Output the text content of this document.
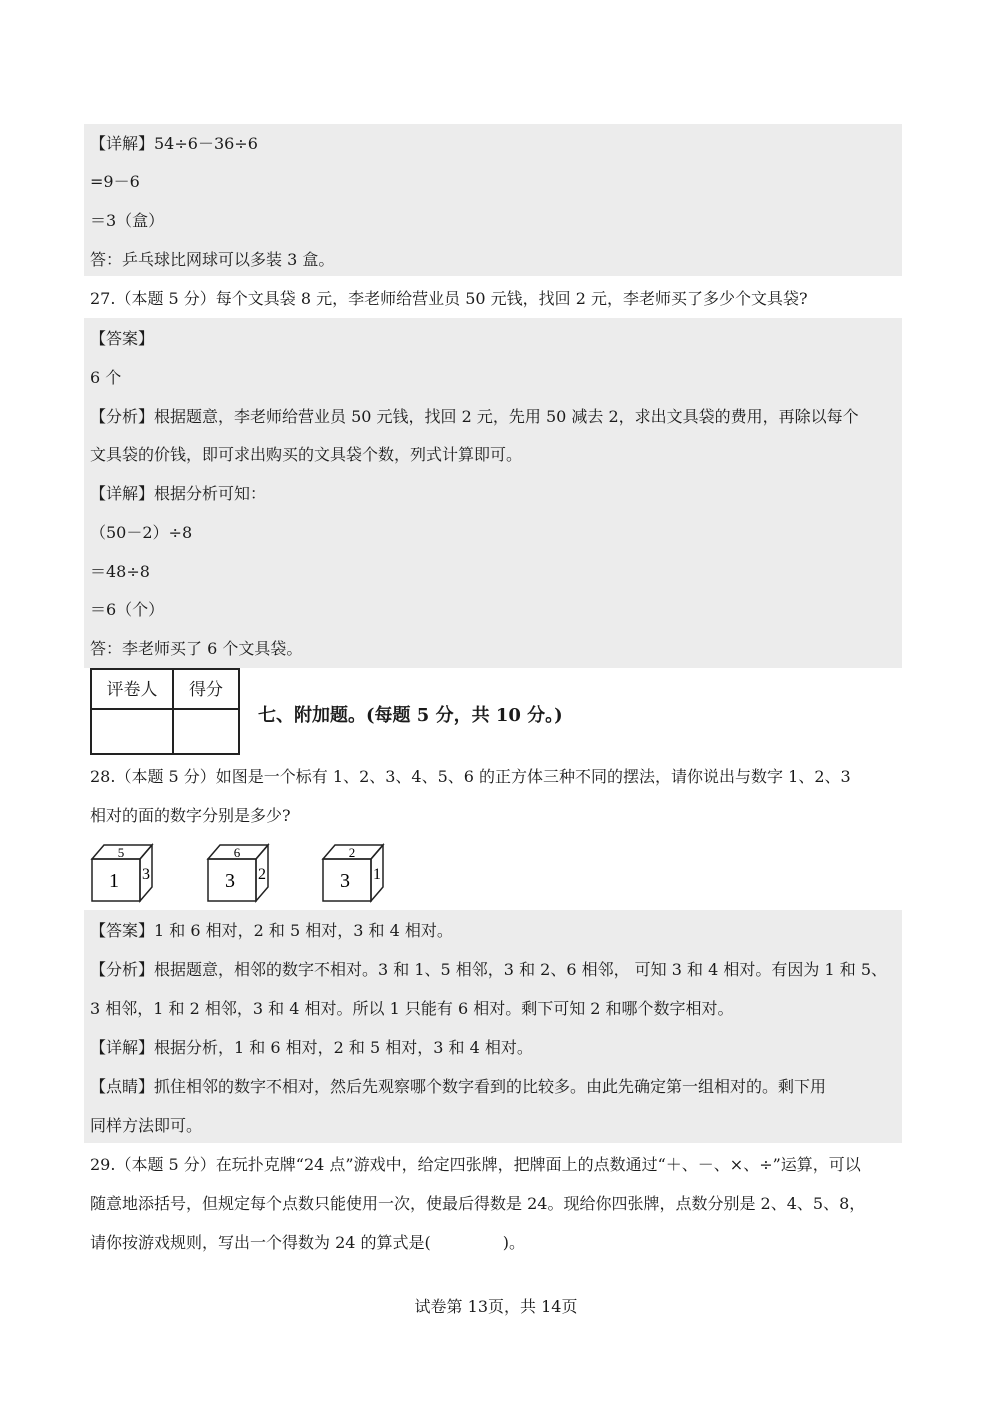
【详解】54÷6－36÷6
=9－6
＝3（盒）
答：乒乓球比网球可以多装 3 盒。
27.（本题 5 分）每个文具袋 8 元，李老师给营业员 50 元钱，找回 2 元，李老师买了多少个文具袋?
【答案】
6 个
【分析】根据题意，李老师给营业员 50 元钱，找回 2 元，先用 50 减去 2，求出文具袋的费用，再除以每个
文具袋的价钱，即可求出购买的文具袋个数，列式计算即可。
【详解】根据分析可知：
（50－2）÷8
＝48÷8
＝6（个）
答：李老师买了 6 个文具袋。
评卷人	得分
七、附加题。(每题 5 分，共 10 分。)
28.（本题 5 分）如图是一个标有 1、2、3、4、5、6 的正方体三种不同的摆法，请你说出与数字 1、2、3
相对的面的数字分别是多少?
5
1 3
6
3 2
2
3 1
【答案】1 和 6 相对，2 和 5 相对，3 和 4 相对。
【分析】根据题意，相邻的数字不相对。3 和 1、5 相邻，3 和 2、6 相邻， 可知 3 和 4 相对。有因为 1 和 5、
3 相邻，1 和 2 相邻，3 和 4 相对。所以 1 只能有 6 相对。剩下可知 2 和哪个数字相对。
【详解】根据分析，1 和 6 相对，2 和 5 相对，3 和 4 相对。
【点睛】抓住相邻的数字不相对，然后先观察哪个数字看到的比较多。由此先确定第一组相对的。剩下用
同样方法即可。
29.（本题 5 分）在玩扑克牌“24 点”游戏中，给定四张牌，把牌面上的点数通过“＋、－、×、÷”运算，可以
随意地添括号，但规定每个点数只能使用一次，使最后得数是 24。现给你四张牌，点数分别是 2、4、5、8，
请你按游戏规则，写出一个得数为 24 的算式是(	)。
试卷第 13页，共 14页
